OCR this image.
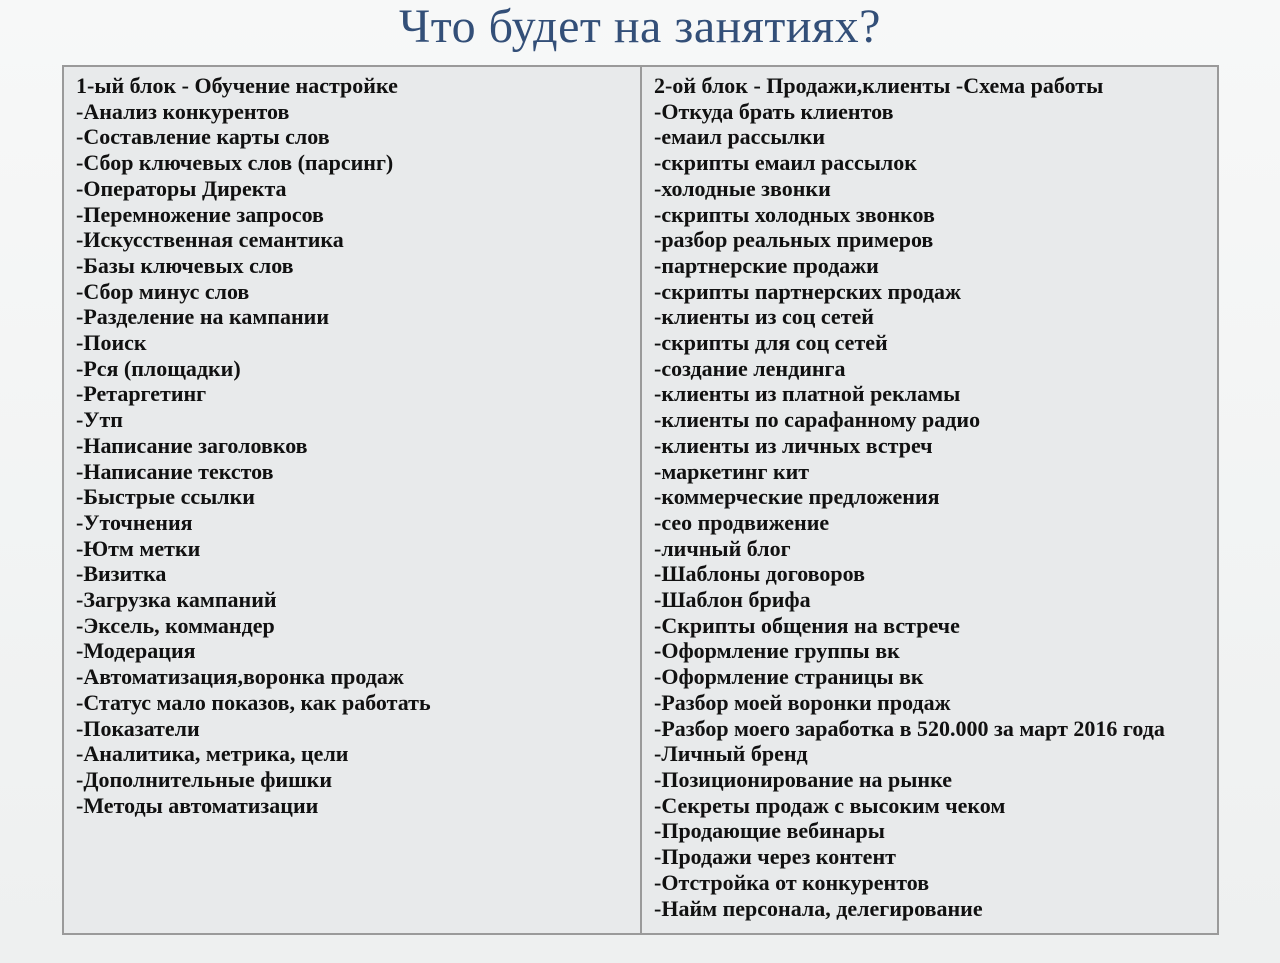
Что будет на занятиях?
1-ый блок - Обучение настройке
-Анализ конкурентов
-Составление карты слов
-Сбор ключевых слов (парсинг)
-Операторы Директа
-Перемножение запросов
-Искусственная семантика
-Базы ключевых слов
-Сбор минус слов
-Разделение на кампании
-Поиск
-Рся (площадки)
-Ретаргетинг
-Утп
-Написание заголовков
-Написание текстов
-Быстрые ссылки
-Уточнения
-Ютм метки
-Визитка
-Загрузка кампаний
-Эксель, коммандер
-Модерация
-Автоматизация,воронка продаж
-Статус мало показов, как работать
-Показатели
-Аналитика, метрика, цели
-Дополнительные фишки
-Методы автоматизации
2-ой блок - Продажи,клиенты -Схема работы
-Откуда брать клиентов
-емаил рассылки
-скрипты емаил рассылок
-холодные звонки
-скрипты холодных звонков
-разбор реальных примеров
-партнерские продажи
-скрипты партнерских продаж
-клиенты из соц сетей
-скрипты для соц сетей
-создание лендинга
-клиенты из платной рекламы
-клиенты по сарафанному радио
-клиенты из личных встреч
-маркетинг кит
-коммерческие предложения
-сео продвижение
-личный блог
-Шаблоны договоров
-Шаблон брифа
-Скрипты общения на встрече
-Оформление группы вк
-Оформление страницы вк
-Разбор моей воронки продаж
-Разбор моего заработка в 520.000 за март 2016 года
-Личный бренд
-Позиционирование на рынке
-Секреты продаж с высоким чеком
-Продающие вебинары
-Продажи через контент
-Отстройка от конкурентов
-Найм персонала, делегирование
